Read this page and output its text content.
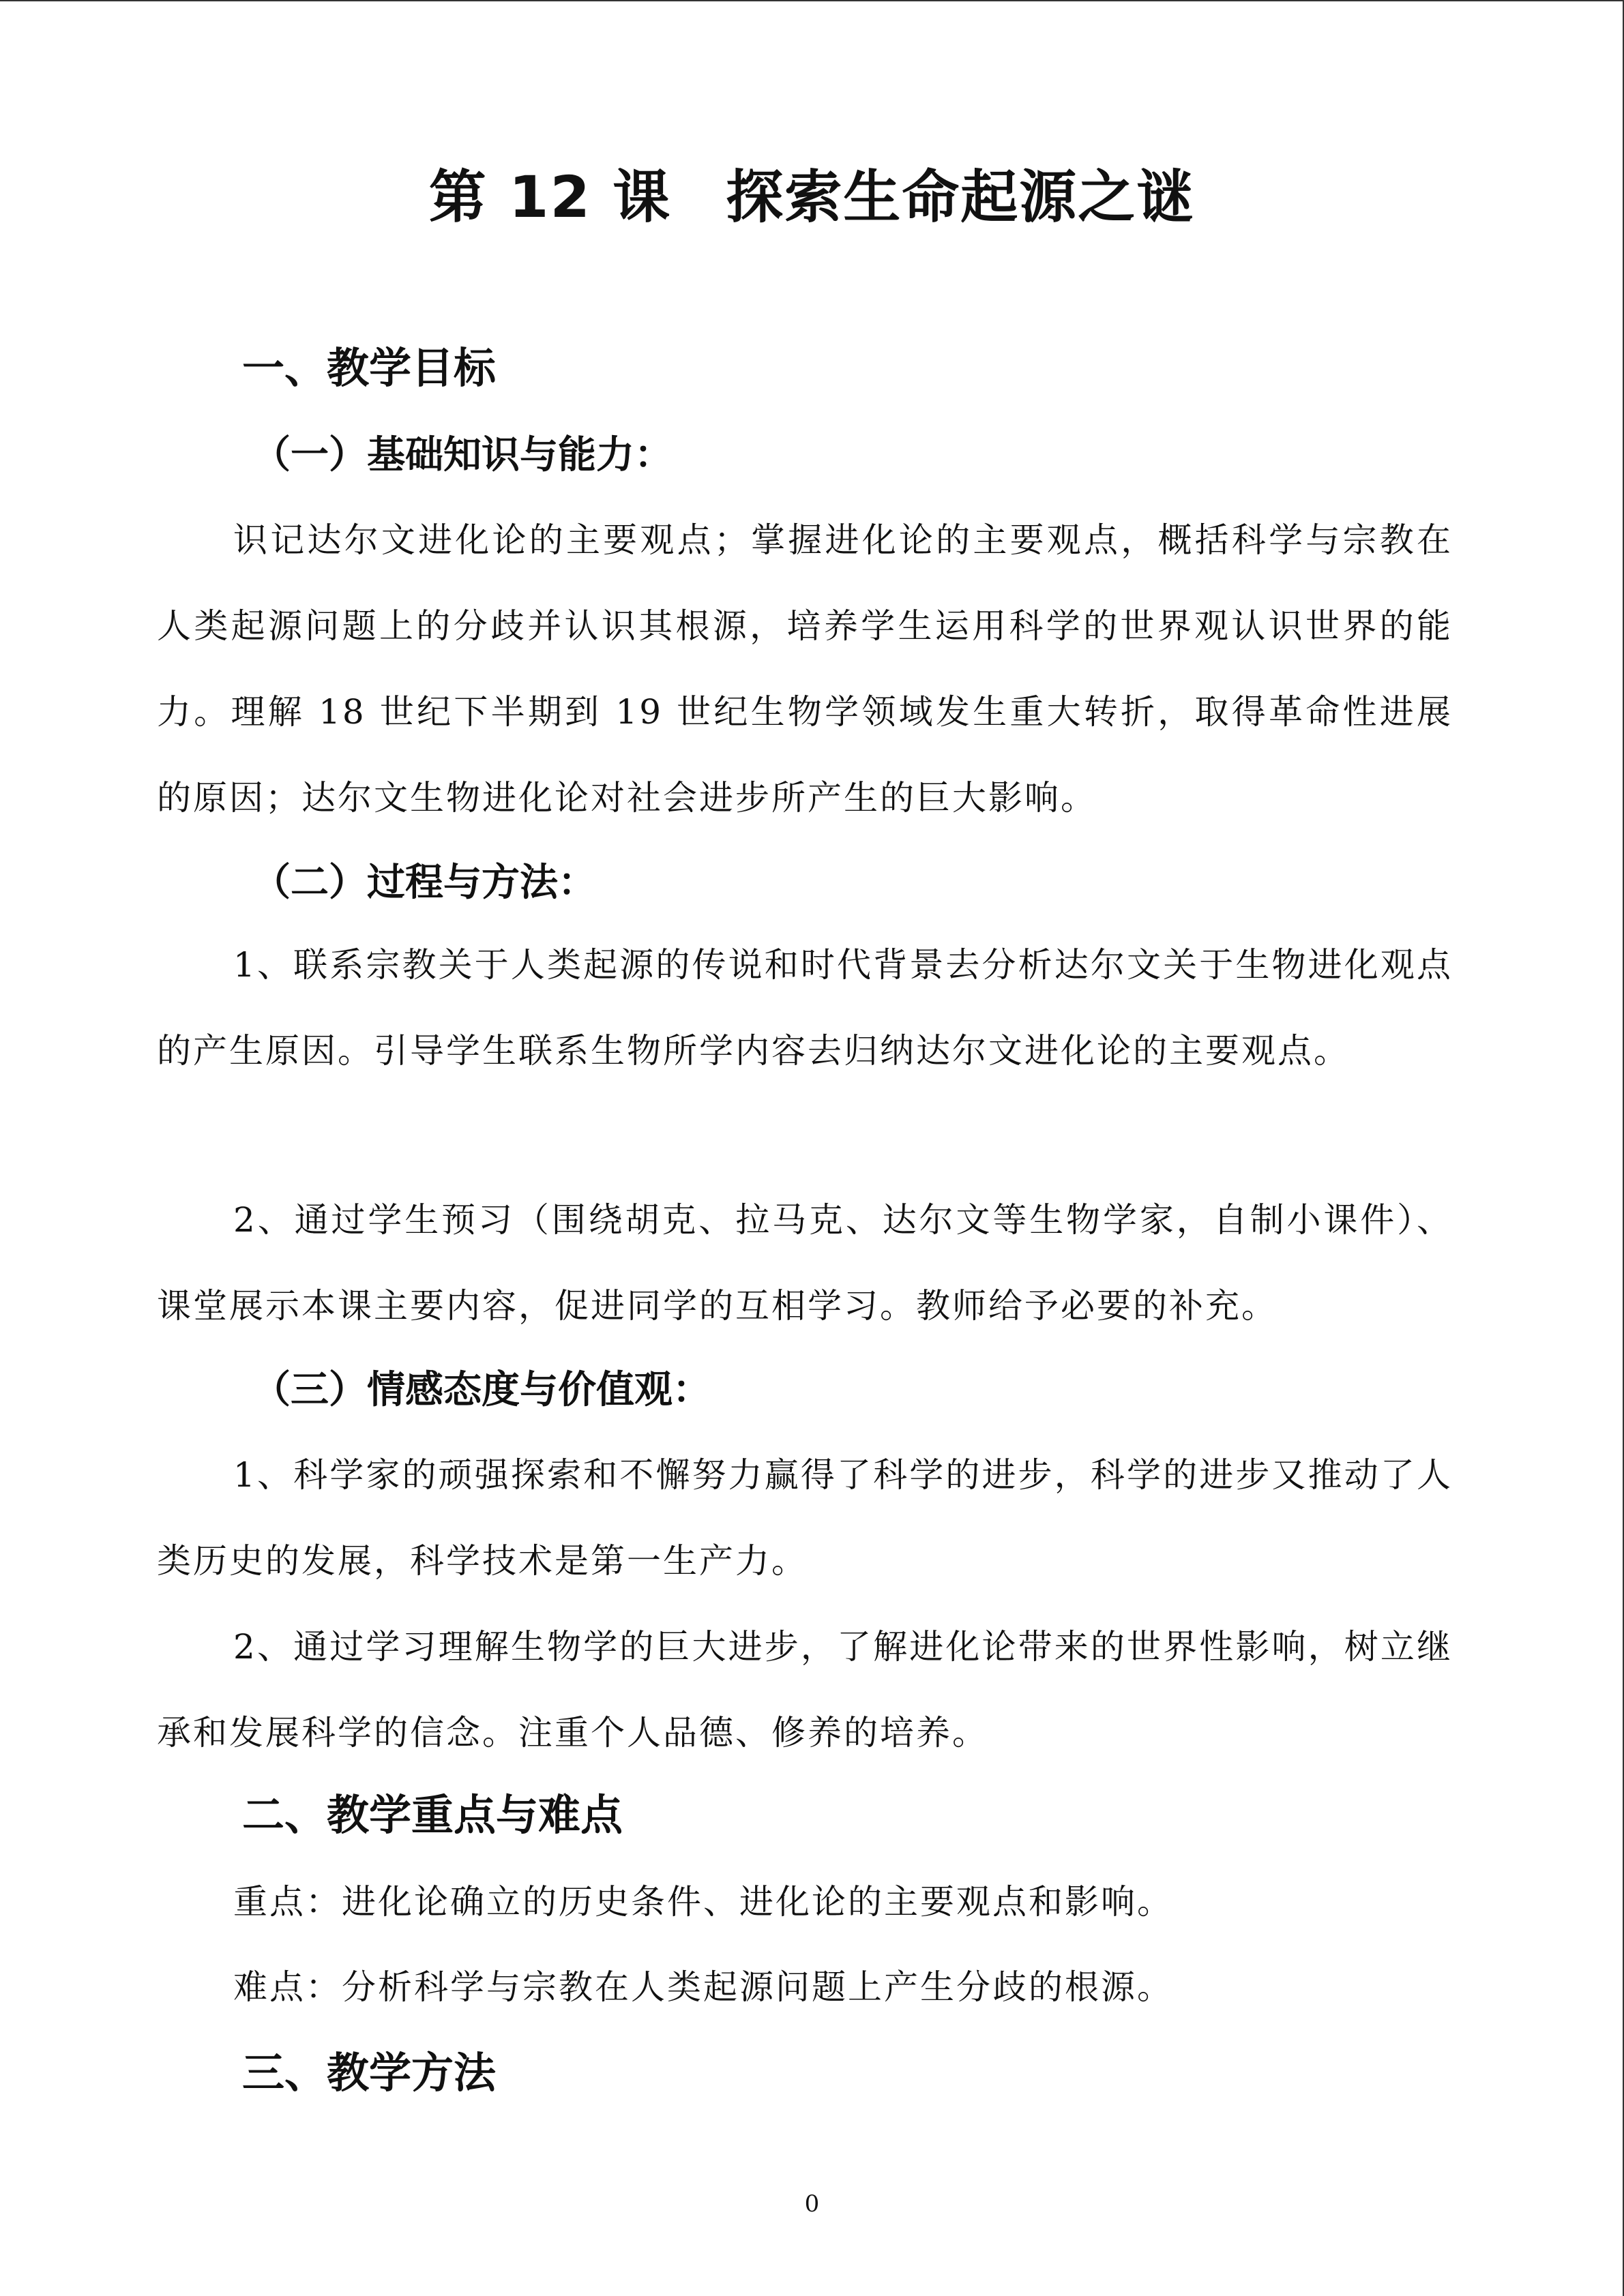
第 12 课 探索生命起源之谜
一、教学目标
（一）基础知识与能力：
识记达尔文进化论的主要观点；掌握进化论的主要观点，概括科学与宗教在人类起源问题上的分歧并认识其根源，培养学生运用科学的世界观认识世界的能力。理解 18 世纪下半期到 19 世纪生物学领域发生重大转折，取得革命性进展的原因；达尔文生物进化论对社会进步所产生的巨大影响。
（二）过程与方法：
1、联系宗教关于人类起源的传说和时代背景去分析达尔文关于生物进化观点的产生原因。引导学生联系生物所学内容去归纳达尔文进化论的主要观点。
2、通过学生预习（围绕胡克、拉马克、达尔文等生物学家，自制小课件）、课堂展示本课主要内容，促进同学的互相学习。教师给予必要的补充。
（三）情感态度与价值观：
1、科学家的顽强探索和不懈努力赢得了科学的进步，科学的进步又推动了人类历史的发展，科学技术是第一生产力。
2、通过学习理解生物学的巨大进步，了解进化论带来的世界性影响，树立继承和发展科学的信念。注重个人品德、修养的培养。
二、教学重点与难点
重点：进化论确立的历史条件、进化论的主要观点和影响。
难点：分析科学与宗教在人类起源问题上产生分歧的根源。
三、教学方法
0
